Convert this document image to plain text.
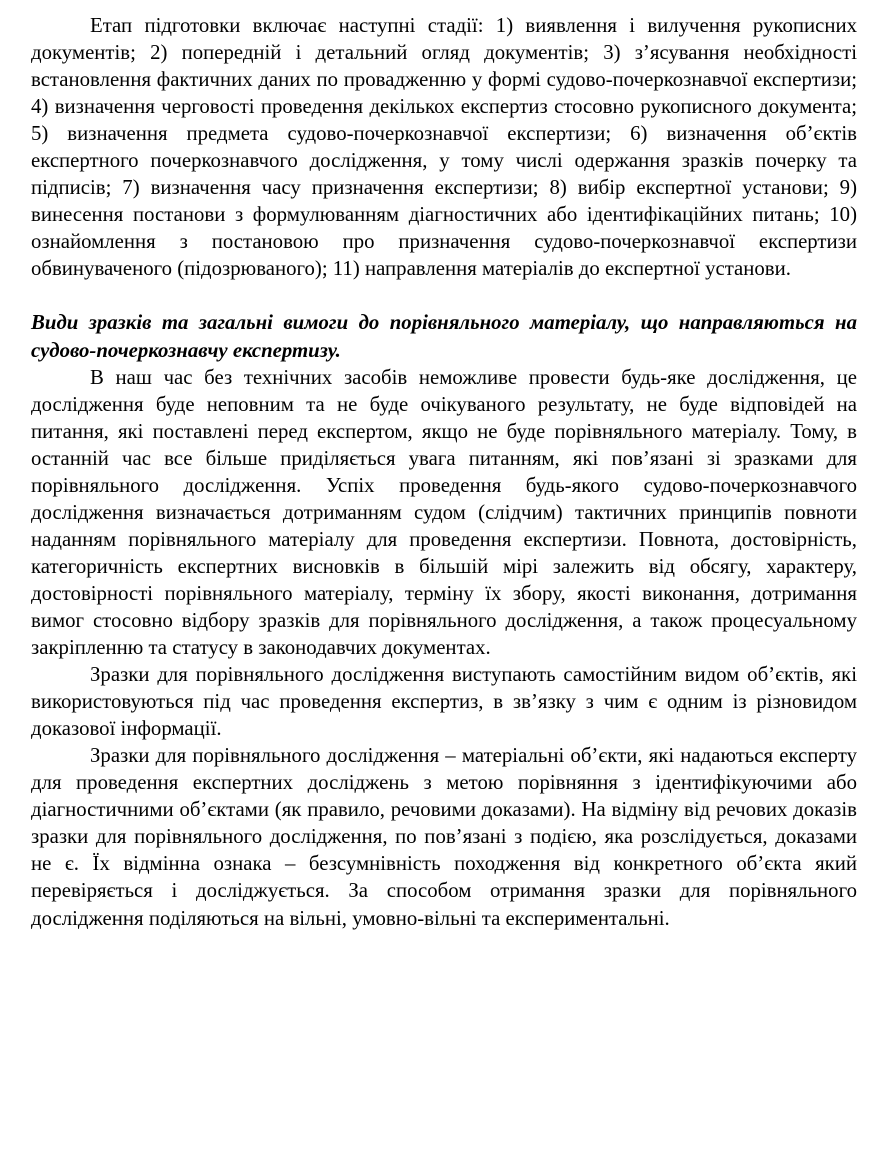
Етап підготовки включає наступні стадії: 1) виявлення і вилучення рукописних документів; 2) попередній і детальний огляд документів; 3) з’ясування необхідності встановлення фактичних даних по провадженню у формі судово-почеркознавчої експертизи; 4) визначення черговості проведення декількох експертиз стосовно рукописного документа; 5) визначення предмета судово-почеркознавчої експертизи; 6) визначення об’єктів експертного почеркознавчого дослідження, у тому числі одержання зразків почерку та підписів; 7) визначення часу призначення експертизи; 8) вибір експертної установи; 9) винесення постанови з формулюванням діагностичних або ідентифікаційних питань; 10) ознайомлення з постановою про призначення судово-почеркознавчої експертизи обвинуваченого (підозрюваного); 11) направлення матеріалів до експертної установи.

Види зразків та загальні вимоги до порівняльного матеріалу, що направляються на судово-почеркознавчу експертизу.

В наш час без технічних засобів неможливе провести будь-яке дослідження, це дослідження буде неповним та не буде очікуваного результату, не буде відповідей на питання, які поставлені перед експертом, якщо не буде порівняльного матеріалу. Тому, в останній час все більше приділяється увага питанням, які пов’язані зі зразками для порівняльного дослідження. Успіх проведення будь-якого судово-почеркознавчого дослідження визначається дотриманням судом (слідчим) тактичних принципів повноти наданням порівняльного матеріалу для проведення експертизи. Повнота, достовірність, категоричність експертних висновків в більшій мірі залежить від обсягу, характеру, достовірності порівняльного матеріалу, терміну їх збору, якості виконання, дотримання вимог стосовно відбору зразків для порівняльного дослідження, а також процесуальному закріпленню та статусу в законодавчих документах.

Зразки для порівняльного дослідження виступають самостійним видом об’єктів, які використовуються під час проведення експертиз, в зв’язку з чим є одним із різновидом доказової інформації.

Зразки для порівняльного дослідження – матеріальні об’єкти, які надаються експерту для проведення експертних досліджень з метою порівняння з ідентифікуючими або діагностичними об’єктами (як правило, речовими доказами). На відміну від речових доказів зразки для порівняльного дослідження, по пов’язані з подією, яка розслідується, доказами не є. Їх відмінна ознака – безсумнівність походження від конкретного об’єкта який перевіряється і досліджується. За способом отримання зразки для порівняльного дослідження поділяються на вільні, умовно-вільні та експериментальні.
